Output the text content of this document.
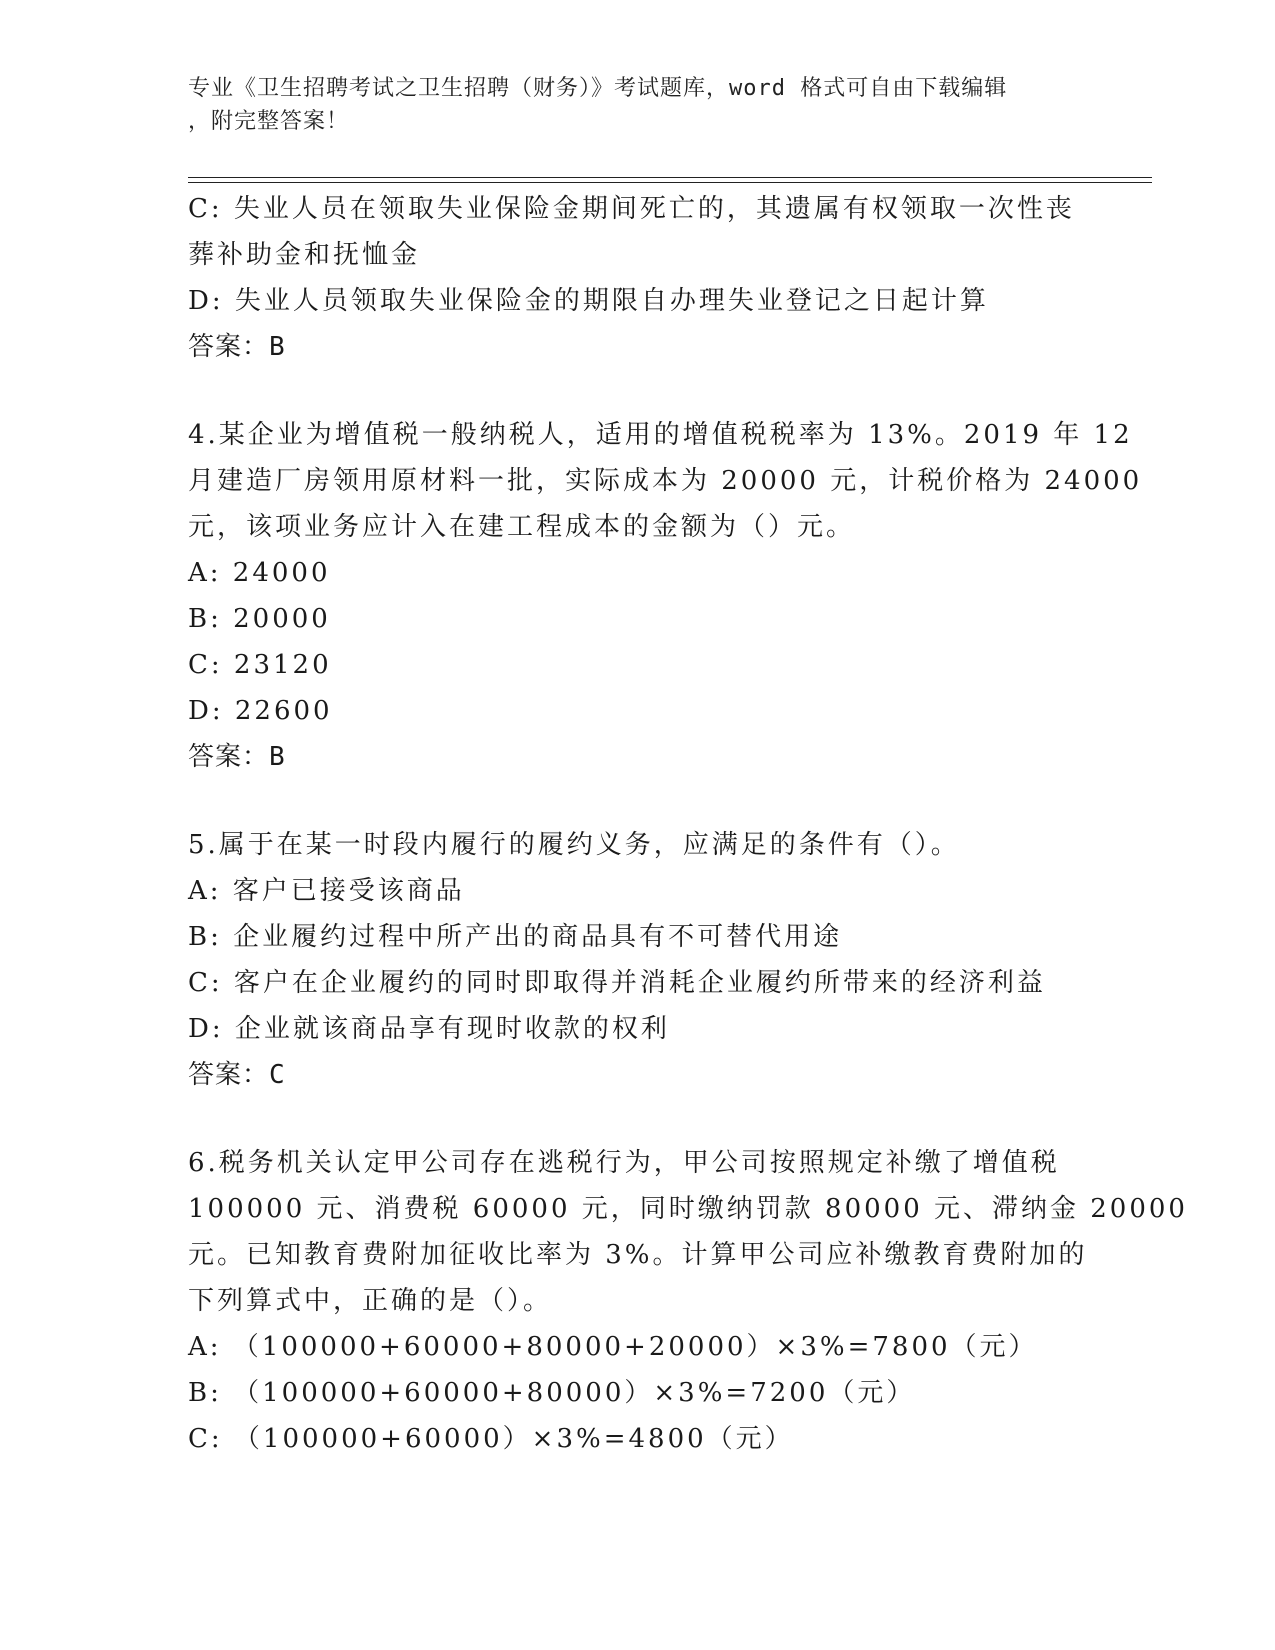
专业《卫生招聘考试之卫生招聘（财务）》考试题库，word 格式可自由下载编辑
，附完整答案！
C: 失业人员在领取失业保险金期间死亡的，其遗属有权领取一次性丧
葬补助金和抚恤金
D: 失业人员领取失业保险金的期限自办理失业登记之日起计算
答案：B
4.某企业为增值税一般纳税人，适用的增值税税率为 13%。2019 年 12
月建造厂房领用原材料一批，实际成本为 20000 元，计税价格为 24000
元，该项业务应计入在建工程成本的金额为（）元。
A: 24000
B: 20000
C: 23120
D: 22600
答案：B
5.属于在某一时段内履行的履约义务，应满足的条件有（）。
A: 客户已接受该商品
B: 企业履约过程中所产出的商品具有不可替代用途
C: 客户在企业履约的同时即取得并消耗企业履约所带来的经济利益
D: 企业就该商品享有现时收款的权利
答案：C
6.税务机关认定甲公司存在逃税行为，甲公司按照规定补缴了增值税
100000 元、消费税 60000 元，同时缴纳罚款 80000 元、滞纳金 20000
元。已知教育费附加征收比率为 3%。计算甲公司应补缴教育费附加的
下列算式中，正确的是（）。
A: （100000+60000+80000+20000）×3%=7800（元）
B: （100000+60000+80000）×3%=7200（元）
C: （100000+60000）×3%=4800（元）
